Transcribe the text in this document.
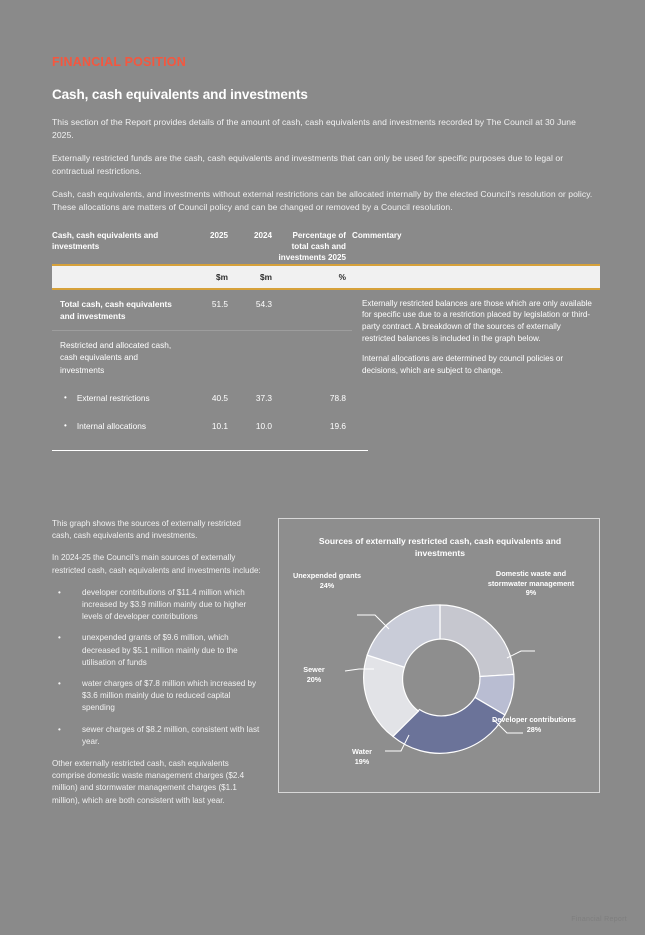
FINANCIAL POSITION
Cash, cash equivalents and investments

This section of the Report provides details of the amount of cash, cash equivalents and investments recorded by The Council at 30 June 2025.

Externally restricted funds are the cash, cash equivalents and investments that can only be used for specific purposes due to legal or contractual restrictions.

Cash, cash equivalents, and investments without external restrictions can be allocated internally by the elected Council's resolution or policy. These allocations are matters of Council policy and can be changed or removed by a Council resolution.

Cash, cash equivalents and investments	2025	2024	Percentage of total cash and investments 2025	Commentary
	$m	$m	%	
Total cash, cash equivalents and investments	51.5	54.3		Externally restricted balances are those which are only available for specific use due to a restriction placed by legislation or third-party contract. A breakdown of the sources of externally restricted balances is included in the graph below.

Internal allocations are determined by council policies or decisions, which are subject to change.

Restricted and allocated cash, cash equivalents and investments				

• External restrictions	40.5	37.3	78.8	

• Internal allocations	10.1	10.0	19.6	

This graph shows the sources of externally restricted cash, cash equivalents and investments.

In 2024-25 the Council's main sources of externally restricted cash, cash equivalents and investments include:

• developer contributions of $11.4 million which increased by $3.9 million mainly due to higher levels of developer contributions
• unexpended grants of $9.6 million, which decreased by $5.1 million mainly due to the utilisation of funds
• water charges of $7.8 million which increased by $3.6 million mainly due to reduced capital spending
• sewer charges of $8.2 million, consistent with last year.

Other externally restricted cash, cash equivalents comprise domestic waste management charges ($2.4 million) and stormwater management charges ($1.1 million), which are both consistent with last year.

Sources of externally restricted cash, cash equivalents and investments
Unexpended grants
24%
Domestic waste and stormwater management
9%
Developer contributions
28%
Water
19%
Sewer
20%
Financial Report
